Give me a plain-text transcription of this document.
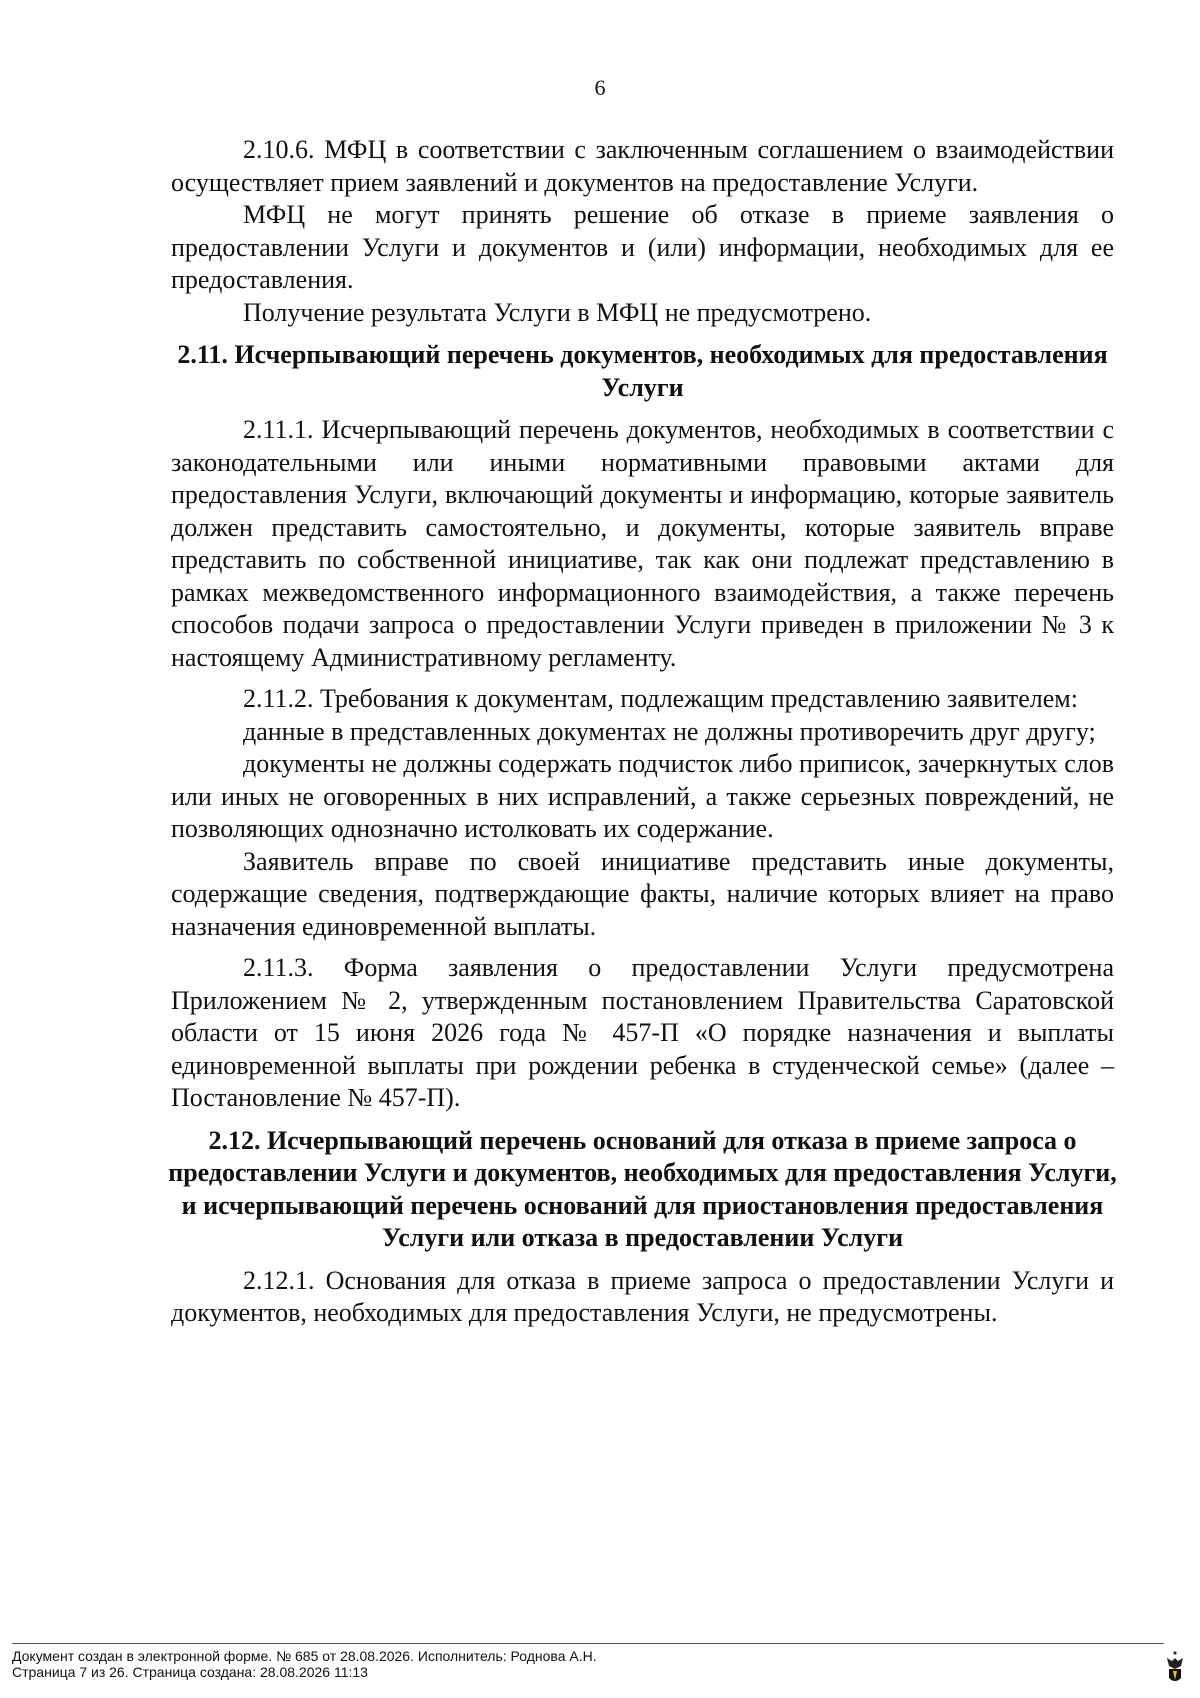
6

2.10.6. МФЦ в соответствии с заключенным соглашением о взаимодействии осуществляет прием заявлений и документов на предоставление Услуги.

МФЦ не могут принять решение об отказе в приеме заявления о предоставлении Услуги и документов и (или) информации, необходимых для ее предоставления.

Получение результата Услуги в МФЦ не предусмотрено.

2.11. Исчерпывающий перечень документов, необходимых для предоставления Услуги

2.11.1. Исчерпывающий перечень документов, необходимых в соответствии с законодательными или иными нормативными правовыми актами для предоставления Услуги, включающий документы и информацию, которые заявитель должен представить самостоятельно, и документы, которые заявитель вправе представить по собственной инициативе, так как они подлежат представлению в рамках межведомственного информационного взаимодействия, а также перечень способов подачи запроса о предоставлении Услуги приведен в приложении № 3 к настоящему Административному регламенту.

2.11.2. Требования к документам, подлежащим представлению заявителем:

данные в представленных документах не должны противоречить друг другу;

документы не должны содержать подчисток либо приписок, зачеркнутых слов или иных не оговоренных в них исправлений, а также серьезных повреждений, не позволяющих однозначно истолковать их содержание.

Заявитель вправе по своей инициативе представить иные документы, содержащие сведения, подтверждающие факты, наличие которых влияет на право назначения единовременной выплаты.

2.11.3. Форма заявления о предоставлении Услуги предусмотрена Приложением № 2, утвержденным постановлением Правительства Саратовской области от 15 июня 2026 года № 457-П «О порядке назначения и выплаты единовременной выплаты при рождении ребенка в студенческой семье» (далее – Постановление № 457-П).

2.12. Исчерпывающий перечень оснований для отказа в приеме запроса о предоставлении Услуги и документов, необходимых для предоставления Услуги, и исчерпывающий перечень оснований для приостановления предоставления Услуги или отказа в предоставлении Услуги

2.12.1. Основания для отказа в приеме запроса о предоставлении Услуги и документов, необходимых для предоставления Услуги, не предусмотрены.

Документ создан в электронной форме. № 685 от 28.08.2026. Исполнитель: Роднова А.Н.
Страница 7 из 26. Страница создана: 28.08.2026 11:13
